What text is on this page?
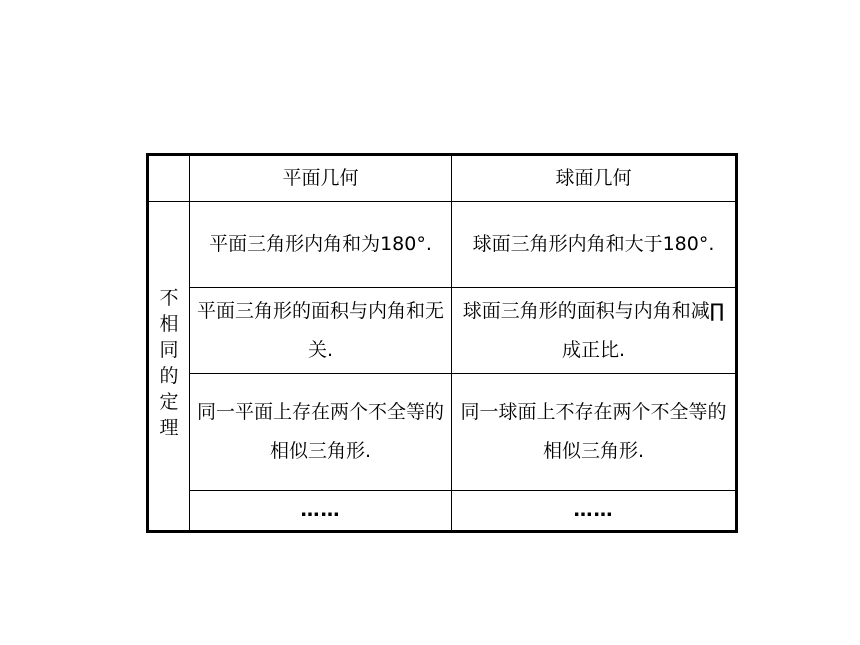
	平面几何	球面几何
不相同的定理	平面三角形内角和为180°.	球面三角形内角和大于180°.
	平面三角形的面积与内角和无关.	球面三角形的面积与内角和减∏成正比.
	同一平面上存在两个不全等的相似三角形.	同一球面上不存在两个不全等的相似三角形.
	……	……
